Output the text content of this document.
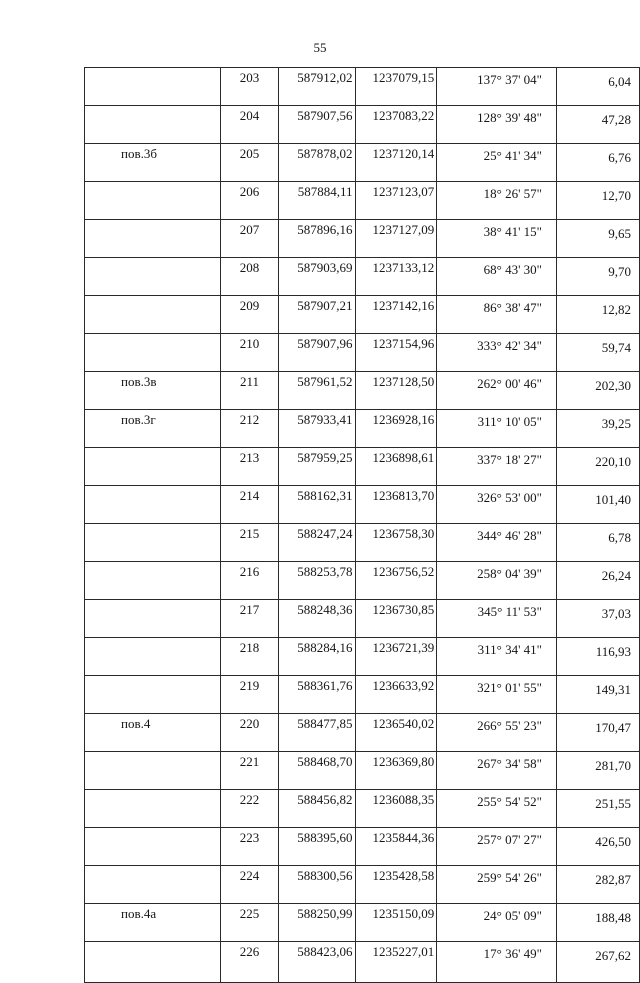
55
	203	587912,02	1237079,15	137° 37' 04"	6,04
	204	587907,56	1237083,22	128° 39' 48"	47,28
пов.3б	205	587878,02	1237120,14	25° 41' 34"	6,76
	206	587884,11	1237123,07	18° 26' 57"	12,70
	207	587896,16	1237127,09	38° 41' 15"	9,65
	208	587903,69	1237133,12	68° 43' 30"	9,70
	209	587907,21	1237142,16	86° 38' 47"	12,82
	210	587907,96	1237154,96	333° 42' 34"	59,74
пов.3в	211	587961,52	1237128,50	262° 00' 46"	202,30
пов.3г	212	587933,41	1236928,16	311° 10' 05"	39,25
	213	587959,25	1236898,61	337° 18' 27"	220,10
	214	588162,31	1236813,70	326° 53' 00"	101,40
	215	588247,24	1236758,30	344° 46' 28"	6,78
	216	588253,78	1236756,52	258° 04' 39"	26,24
	217	588248,36	1236730,85	345° 11' 53"	37,03
	218	588284,16	1236721,39	311° 34' 41"	116,93
	219	588361,76	1236633,92	321° 01' 55"	149,31
пов.4	220	588477,85	1236540,02	266° 55' 23"	170,47
	221	588468,70	1236369,80	267° 34' 58"	281,70
	222	588456,82	1236088,35	255° 54' 52"	251,55
	223	588395,60	1235844,36	257° 07' 27"	426,50
	224	588300,56	1235428,58	259° 54' 26"	282,87
пов.4а	225	588250,99	1235150,09	24° 05' 09"	188,48
	226	588423,06	1235227,01	17° 36' 49"	267,62
